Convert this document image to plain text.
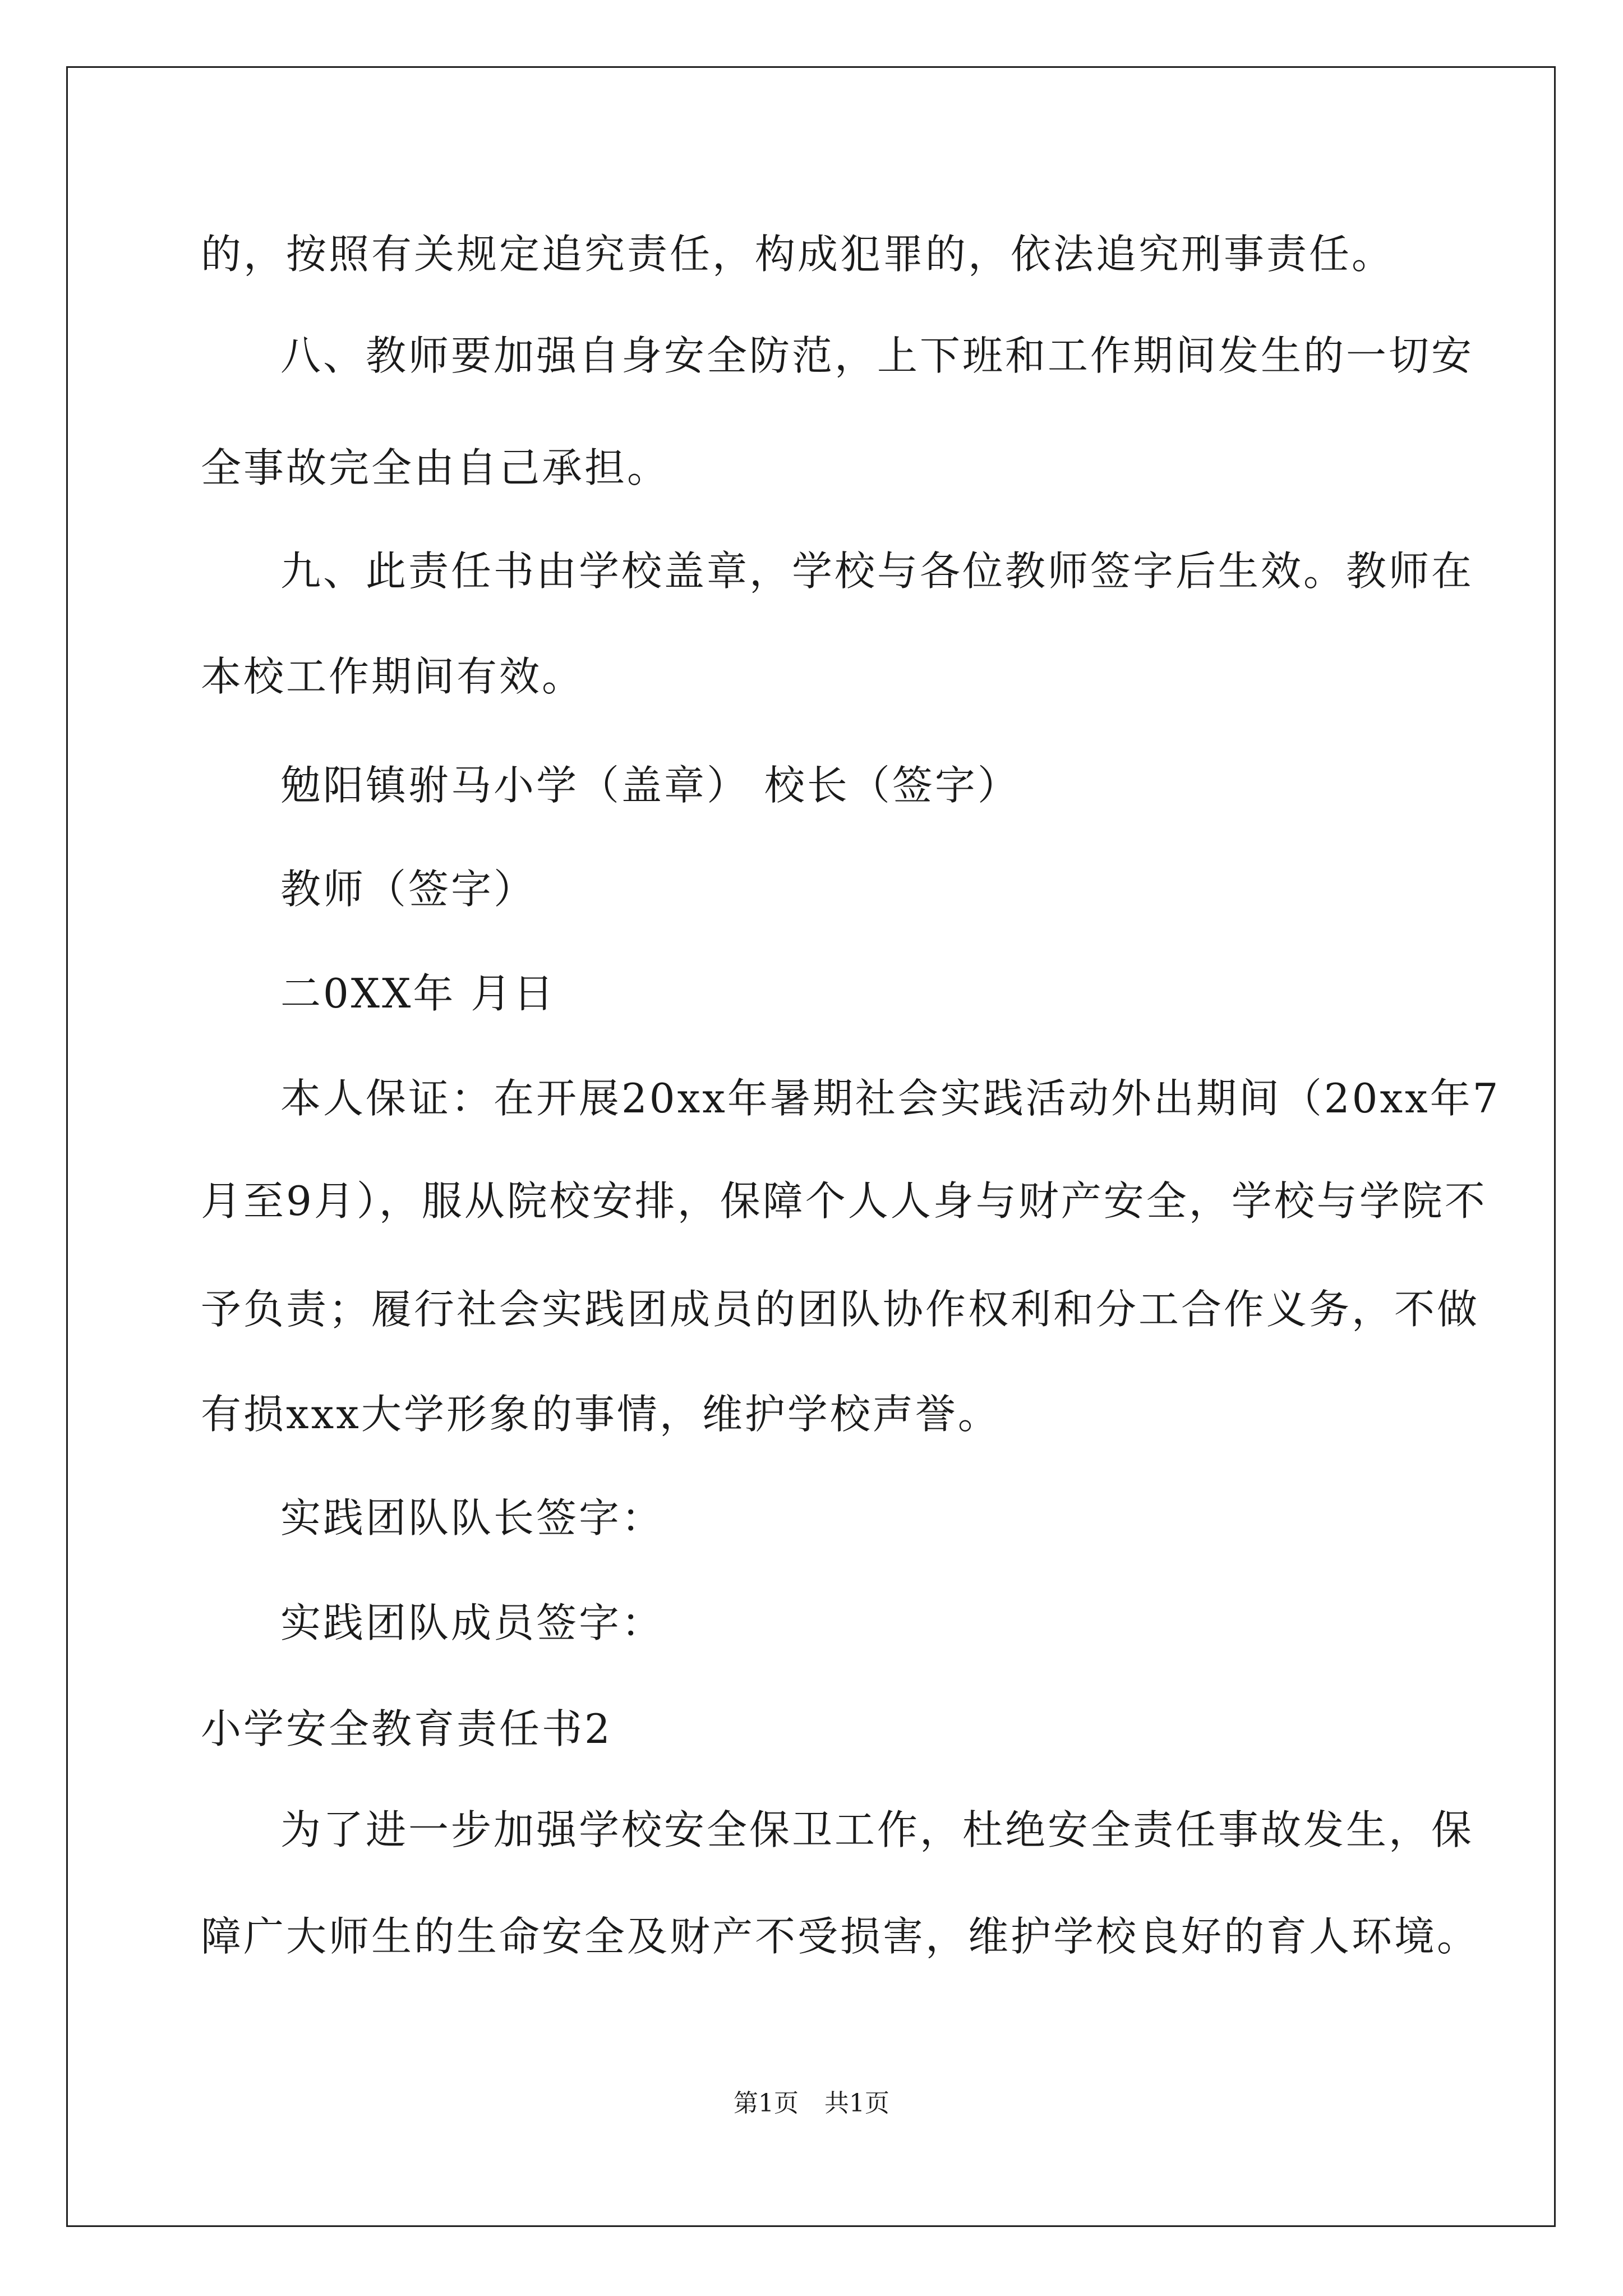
的，按照有关规定追究责任，构成犯罪的，依法追究刑事责任。
八、教师要加强自身安全防范，上下班和工作期间发生的一切安
全事故完全由自己承担。
九、此责任书由学校盖章，学校与各位教师签字后生效。教师在
本校工作期间有效。
勉阳镇驸马小学（盖章） 校长（签字）
教师（签字）
二0XX年 月日
本人保证：在开展20xx年暑期社会实践活动外出期间（20xx年7
月至9月），服从院校安排，保障个人人身与财产安全，学校与学院不
予负责；履行社会实践团成员的团队协作权利和分工合作义务，不做
有损xxx大学形象的事情，维护学校声誉。
实践团队队长签字：
实践团队成员签字：
小学安全教育责任书2
为了进一步加强学校安全保卫工作，杜绝安全责任事故发生，保
障广大师生的生命安全及财产不受损害，维护学校良好的育人环境。
第1页 共1页
